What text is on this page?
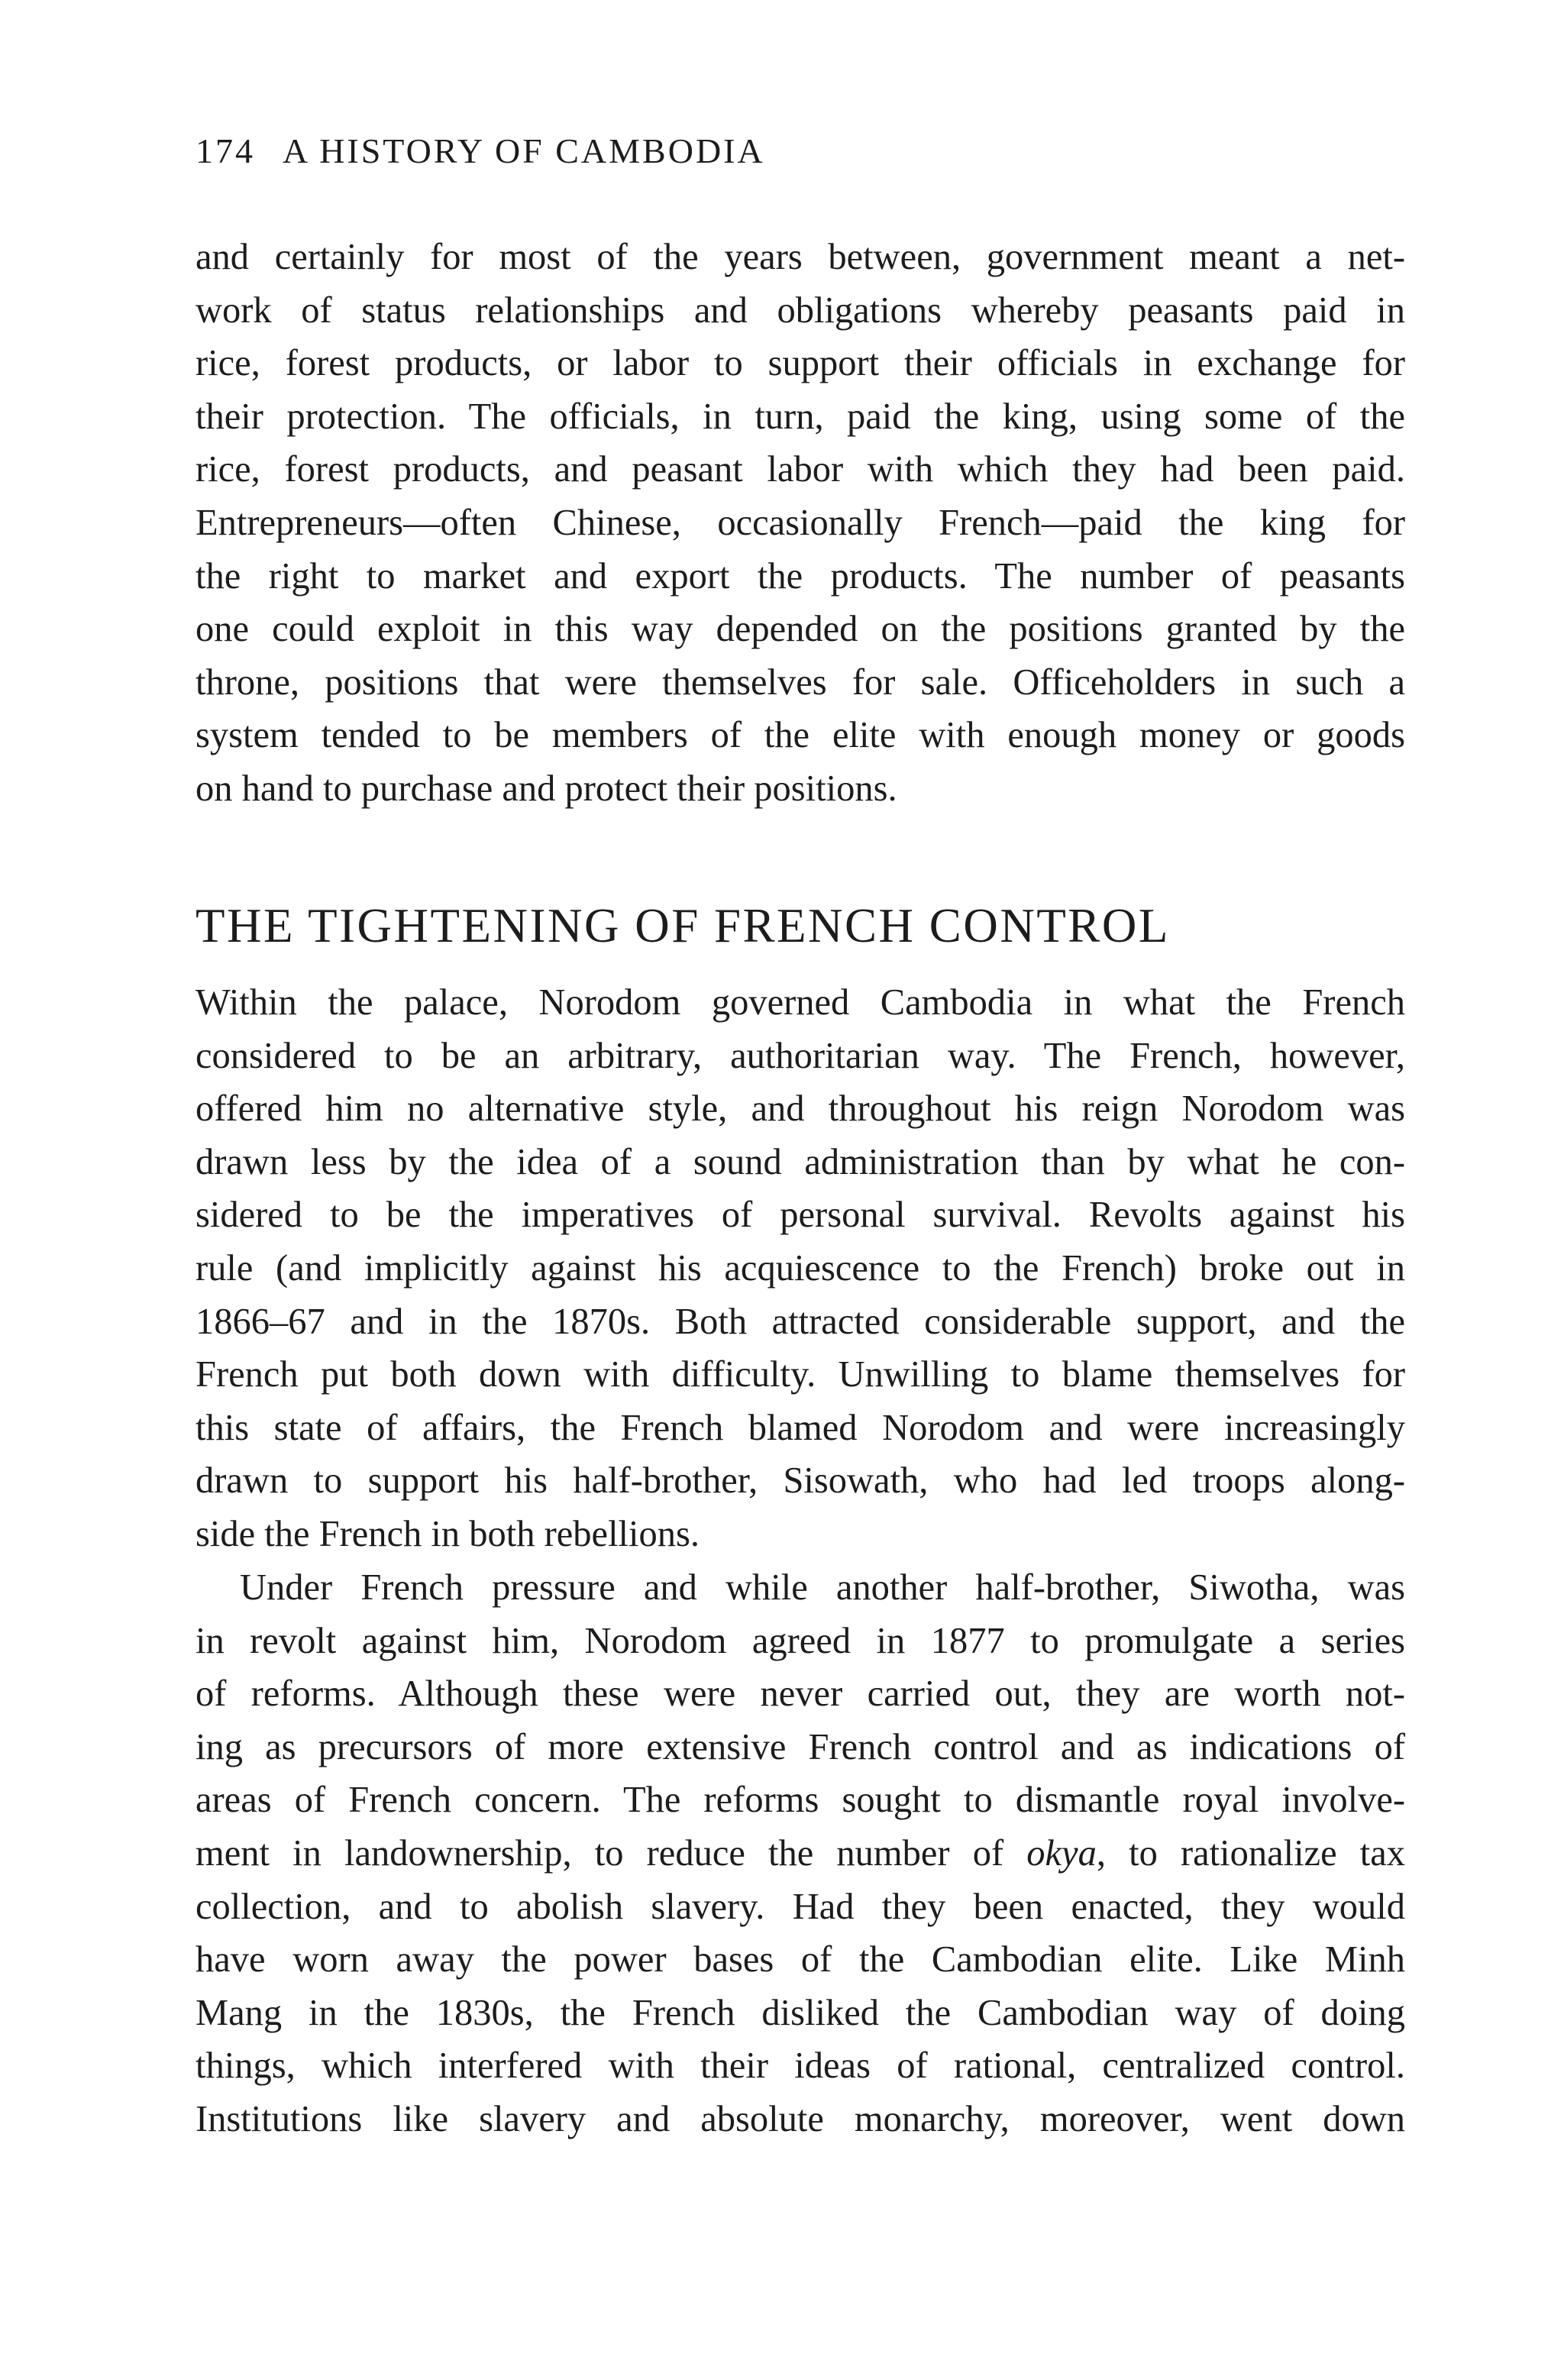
174 A HISTORY OF CAMBODIA
and certainly for most of the years between, government meant a net-
work of status relationships and obligations whereby peasants paid in
rice, forest products, or labor to support their officials in exchange for
their protection. The officials, in turn, paid the king, using some of the
rice, forest products, and peasant labor with which they had been paid.
Entrepreneurs—often Chinese, occasionally French—paid the king for
the right to market and export the products. The number of peasants
one could exploit in this way depended on the positions granted by the
throne, positions that were themselves for sale. Officeholders in such a
system tended to be members of the elite with enough money or goods
on hand to purchase and protect their positions.
THE TIGHTENING OF FRENCH CONTROL
Within the palace, Norodom governed Cambodia in what the French
considered to be an arbitrary, authoritarian way. The French, however,
offered him no alternative style, and throughout his reign Norodom was
drawn less by the idea of a sound administration than by what he con-
sidered to be the imperatives of personal survival. Revolts against his
rule (and implicitly against his acquiescence to the French) broke out in
1866–67 and in the 1870s. Both attracted considerable support, and the
French put both down with difficulty. Unwilling to blame themselves for
this state of affairs, the French blamed Norodom and were increasingly
drawn to support his half-brother, Sisowath, who had led troops along-
side the French in both rebellions.
Under French pressure and while another half-brother, Siwotha, was
in revolt against him, Norodom agreed in 1877 to promulgate a series
of reforms. Although these were never carried out, they are worth not-
ing as precursors of more extensive French control and as indications of
areas of French concern. The reforms sought to dismantle royal involve-
ment in landownership, to reduce the number of okya, to rationalize tax
collection, and to abolish slavery. Had they been enacted, they would
have worn away the power bases of the Cambodian elite. Like Minh
Mang in the 1830s, the French disliked the Cambodian way of doing
things, which interfered with their ideas of rational, centralized control.
Institutions like slavery and absolute monarchy, moreover, went down
